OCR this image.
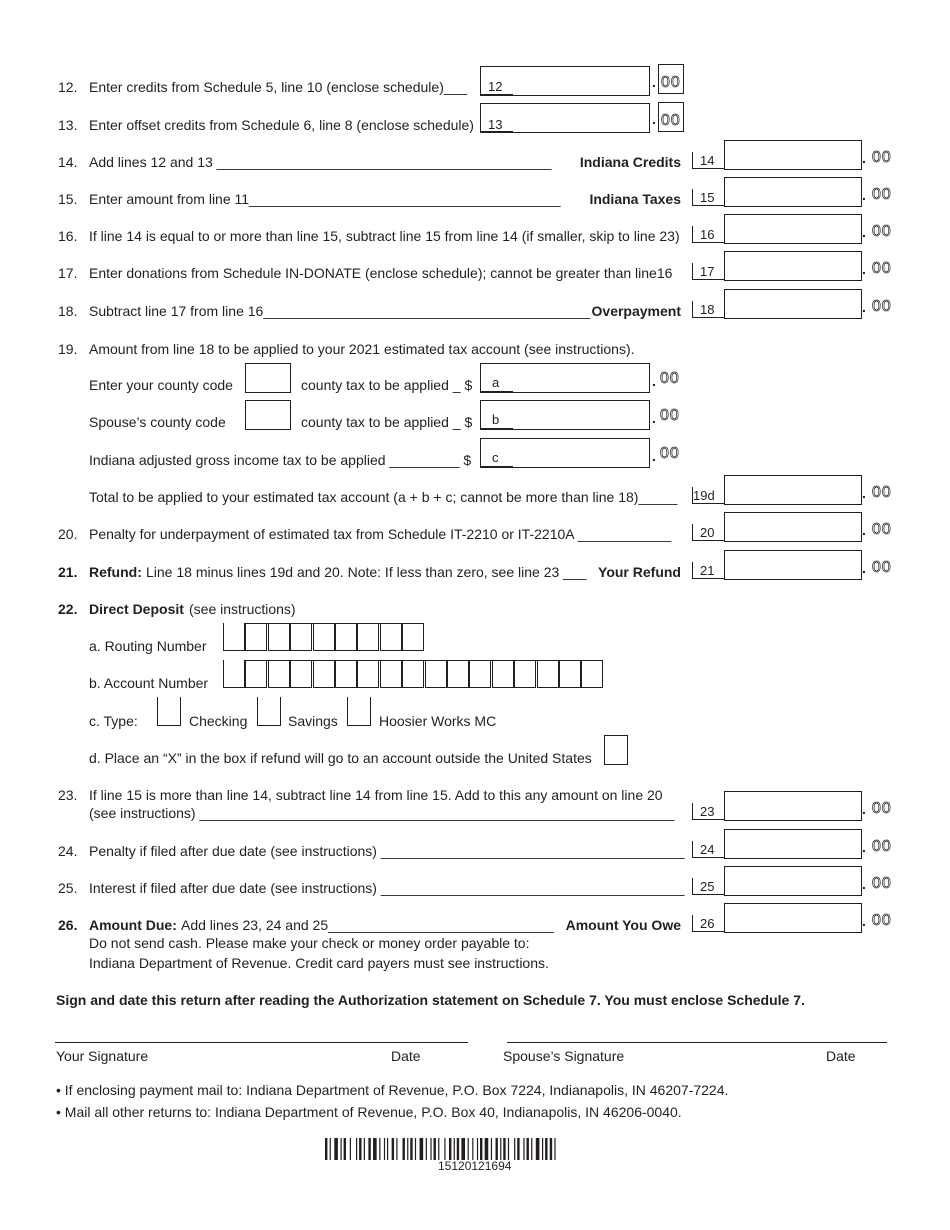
12. Enter credits from Schedule 5, line 10 (enclose schedule)___ 12	. 00
13. Enter offset credits from Schedule 6, line 8 (enclose schedule) 13	. 00
14. Add lines 12 and 13 ___________________________________________ Indiana Credits 14	. 00
15. Enter amount from line 11________________________________________ Indiana Taxes 15	. 00
16. If line 14 is equal to or more than line 15, subtract line 15 from line 14 (if smaller, skip to line 23) 16	. 00
17. Enter donations from Schedule IN-DONATE (enclose schedule); cannot be greater than line16 17	. 00
18. Subtract line 17 from line 16__________________________________________ Overpayment 18	. 00
19. Amount from line 18 to be applied to your 2021 estimated tax account (see instructions).
Enter your county code	county tax to be applied _ $ a	. 00
Spouse’s county code	county tax to be applied _ $ b	. 00
Indiana adjusted gross income tax to be applied _________ $ c	. 00
Total to be applied to your estimated tax account (a + b + c; cannot be more than line 18)_____ 19d	. 00
20. Penalty for underpayment of estimated tax from Schedule IT-2210 or IT-2210A ____________ 20	. 00
21. Refund: Line 18 minus lines 19d and 20. Note: If less than zero, see line 23 ___ Your Refund 21	. 00
22. Direct Deposit (see instructions)
a. Routing Number
b. Account Number
c. Type:	Checking	Savings	Hoosier Works MC
d. Place an “X” in the box if refund will go to an account outside the United States
23. If line 15 is more than line 14, subtract line 14 from line 15. Add to this any amount on line 20
(see instructions) _____________________________________________________________ 23	. 00
24. Penalty if filed after due date (see instructions) _______________________________________ 24	. 00
25. Interest if filed after due date (see instructions) _______________________________________ 25	. 00
26. Amount Due: Add lines 23, 24 and 25_____________________________ Amount You Owe 26	. 00
Do not send cash. Please make your check or money order payable to:
Indiana Department of Revenue. Credit card payers must see instructions.
Sign and date this return after reading the Authorization statement on Schedule 7. You must enclose Schedule 7.
Your Signature	Date	Spouse’s Signature	Date
• If enclosing payment mail to: Indiana Department of Revenue, P.O. Box 7224, Indianapolis, IN 46207-7224.
• Mail all other returns to: Indiana Department of Revenue, P.O. Box 40, Indianapolis, IN 46206-0040.
15120121694
